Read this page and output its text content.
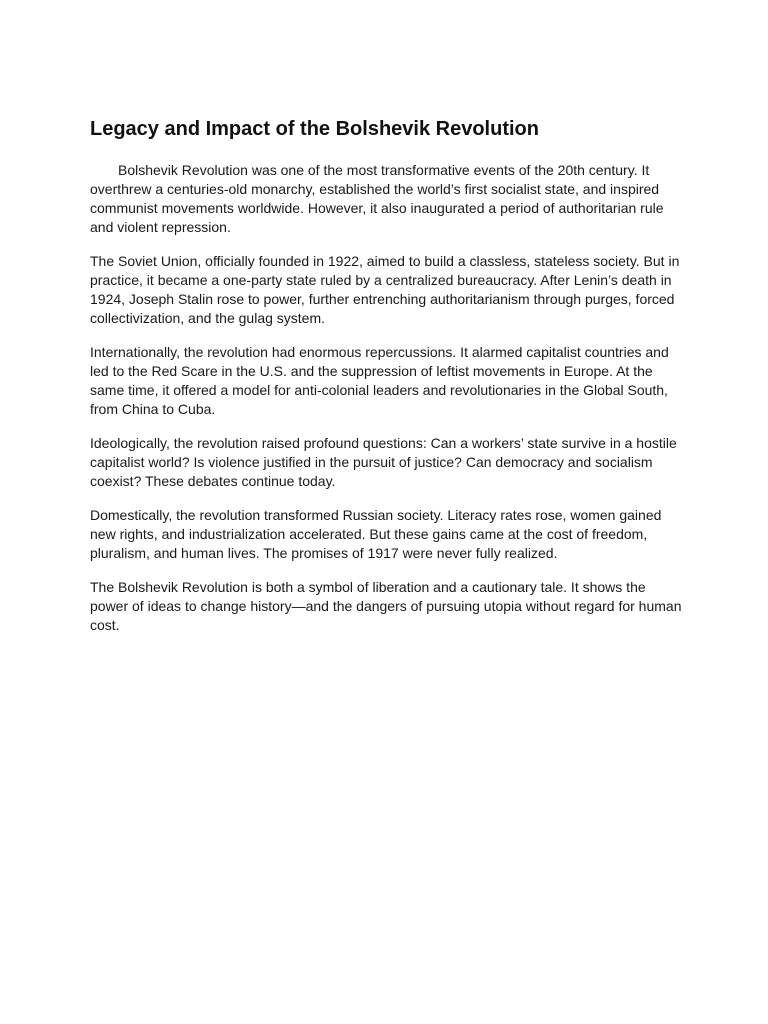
Legacy and Impact of the Bolshevik Revolution

Bolshevik Revolution was one of the most transformative events of the 20th century. It overthrew a centuries-old monarchy, established the world’s first socialist state, and inspired communist movements worldwide. However, it also inaugurated a period of authoritarian rule and violent repression.

The Soviet Union, officially founded in 1922, aimed to build a classless, stateless society. But in practice, it became a one-party state ruled by a centralized bureaucracy. After Lenin’s death in 1924, Joseph Stalin rose to power, further entrenching authoritarianism through purges, forced collectivization, and the gulag system.

Internationally, the revolution had enormous repercussions. It alarmed capitalist countries and led to the Red Scare in the U.S. and the suppression of leftist movements in Europe. At the same time, it offered a model for anti-colonial leaders and revolutionaries in the Global South, from China to Cuba.

Ideologically, the revolution raised profound questions: Can a workers’ state survive in a hostile capitalist world? Is violence justified in the pursuit of justice? Can democracy and socialism coexist? These debates continue today.

Domestically, the revolution transformed Russian society. Literacy rates rose, women gained new rights, and industrialization accelerated. But these gains came at the cost of freedom, pluralism, and human lives. The promises of 1917 were never fully realized.

The Bolshevik Revolution is both a symbol of liberation and a cautionary tale. It shows the power of ideas to change history—and the dangers of pursuing utopia without regard for human cost.
